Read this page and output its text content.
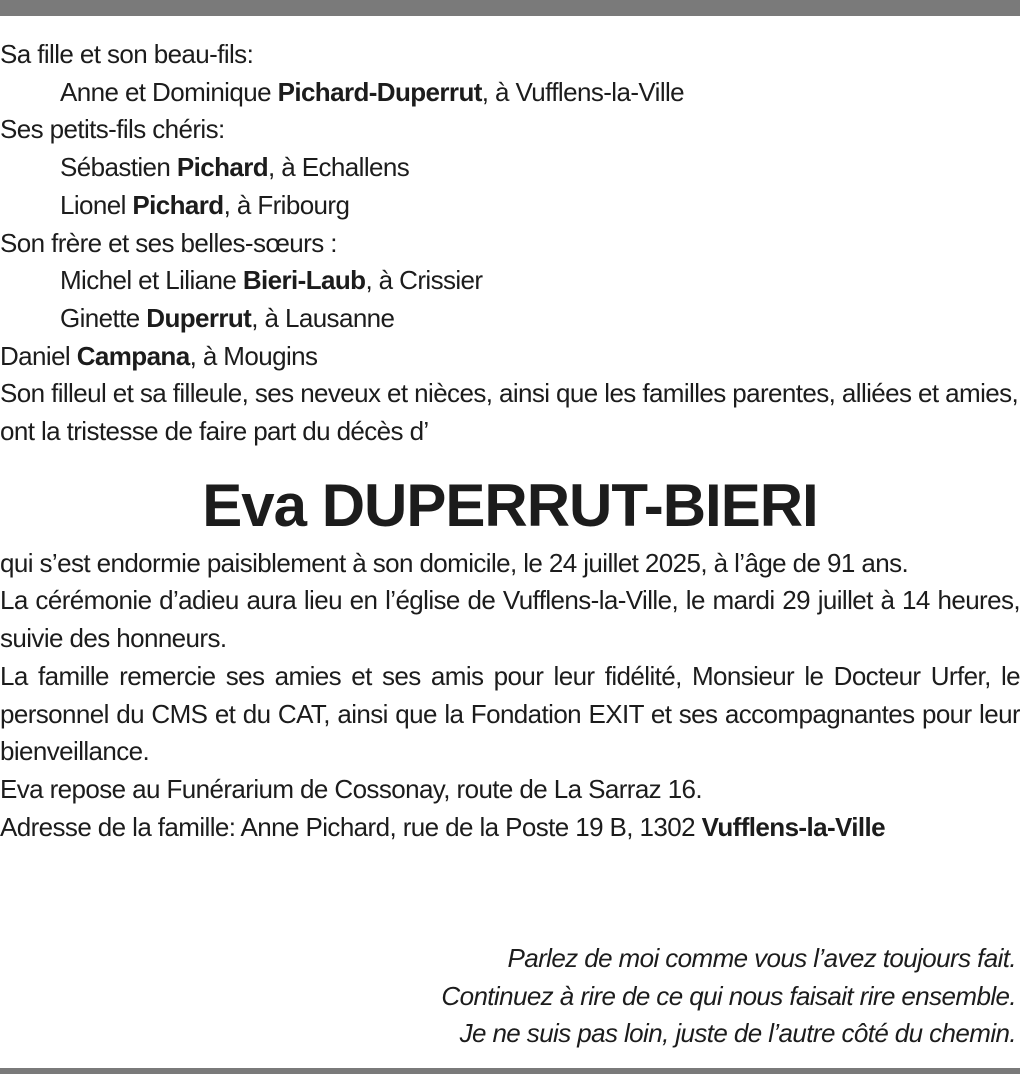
Sa fille et son beau-fils:
Anne et Dominique Pichard-Duperrut, à Vufflens-la-Ville
Ses petits-fils chéris:
Sébastien Pichard, à Echallens
Lionel Pichard, à Fribourg
Son frère et ses belles-sœurs :
Michel et Liliane Bieri-Laub, à Crissier
Ginette Duperrut, à Lausanne
Daniel Campana, à Mougins
Son filleul et sa filleule, ses neveux et nièces, ainsi que les familles parentes, alliées et amies,
ont la tristesse de faire part du décès d’
Eva DUPERRUT-BIERI
qui s’est endormie paisiblement à son domicile, le 24 juillet 2025, à l’âge de 91 ans.
La cérémonie d’adieu aura lieu en l’église de Vufflens-la-Ville, le mardi 29 juillet à 14 heures, suivie des honneurs.
La famille remercie ses amies et ses amis pour leur fidélité, Monsieur le Docteur Urfer, le personnel du CMS et du CAT, ainsi que la Fondation EXIT et ses accompagnantes pour leur bienveillance.
Eva repose au Funérarium de Cossonay, route de La Sarraz 16.
Adresse de la famille: Anne Pichard, rue de la Poste 19 B, 1302 Vufflens-la-Ville
Parlez de moi comme vous l’avez toujours fait.
Continuez à rire de ce qui nous faisait rire ensemble.
Je ne suis pas loin, juste de l’autre côté du chemin.
